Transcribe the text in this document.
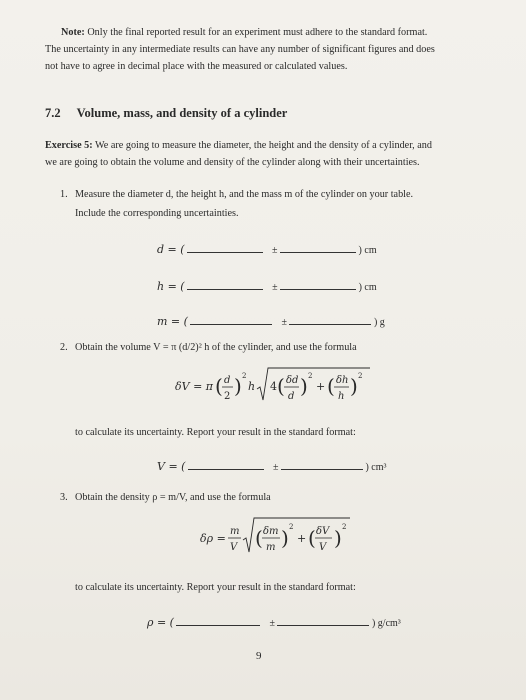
Note: Only the final reported result for an experiment must adhere to the standard format.
The uncertainty in any intermediate results can have any number of significant figures and does
not have to agree in decimal place with the measured or calculated values.
7.2 Volume, mass, and density of a cylinder
Exercise 5: We are going to measure the diameter, the height and the density of a cylinder, and
we are going to obtain the volume and density of the cylinder along with their uncertainties.
1. Measure the diameter d, the height h, and the mass m of the cylinder on your table.
Include the corresponding uncertainties.
d = (	±	) cm
h = (	±	) cm
m = (	±	) g
2. Obtain the volume V = π (d/2)² h of the cylinder, and use the formula
δV = π ( d
2 ) 2
h 4 ( δd
d ) 2
+ ( δh
h ) 2
to calculate its uncertainty. Report your result in the standard format:
V = (	±	) cm³
3. Obtain the density ρ = m/V, and use the formula
δρ =
m
V ( δm
m ) 2
+ ( δV
V ) 2
to calculate its uncertainty. Report your result in the standard format:
ρ = (	±	) g/cm³
9
